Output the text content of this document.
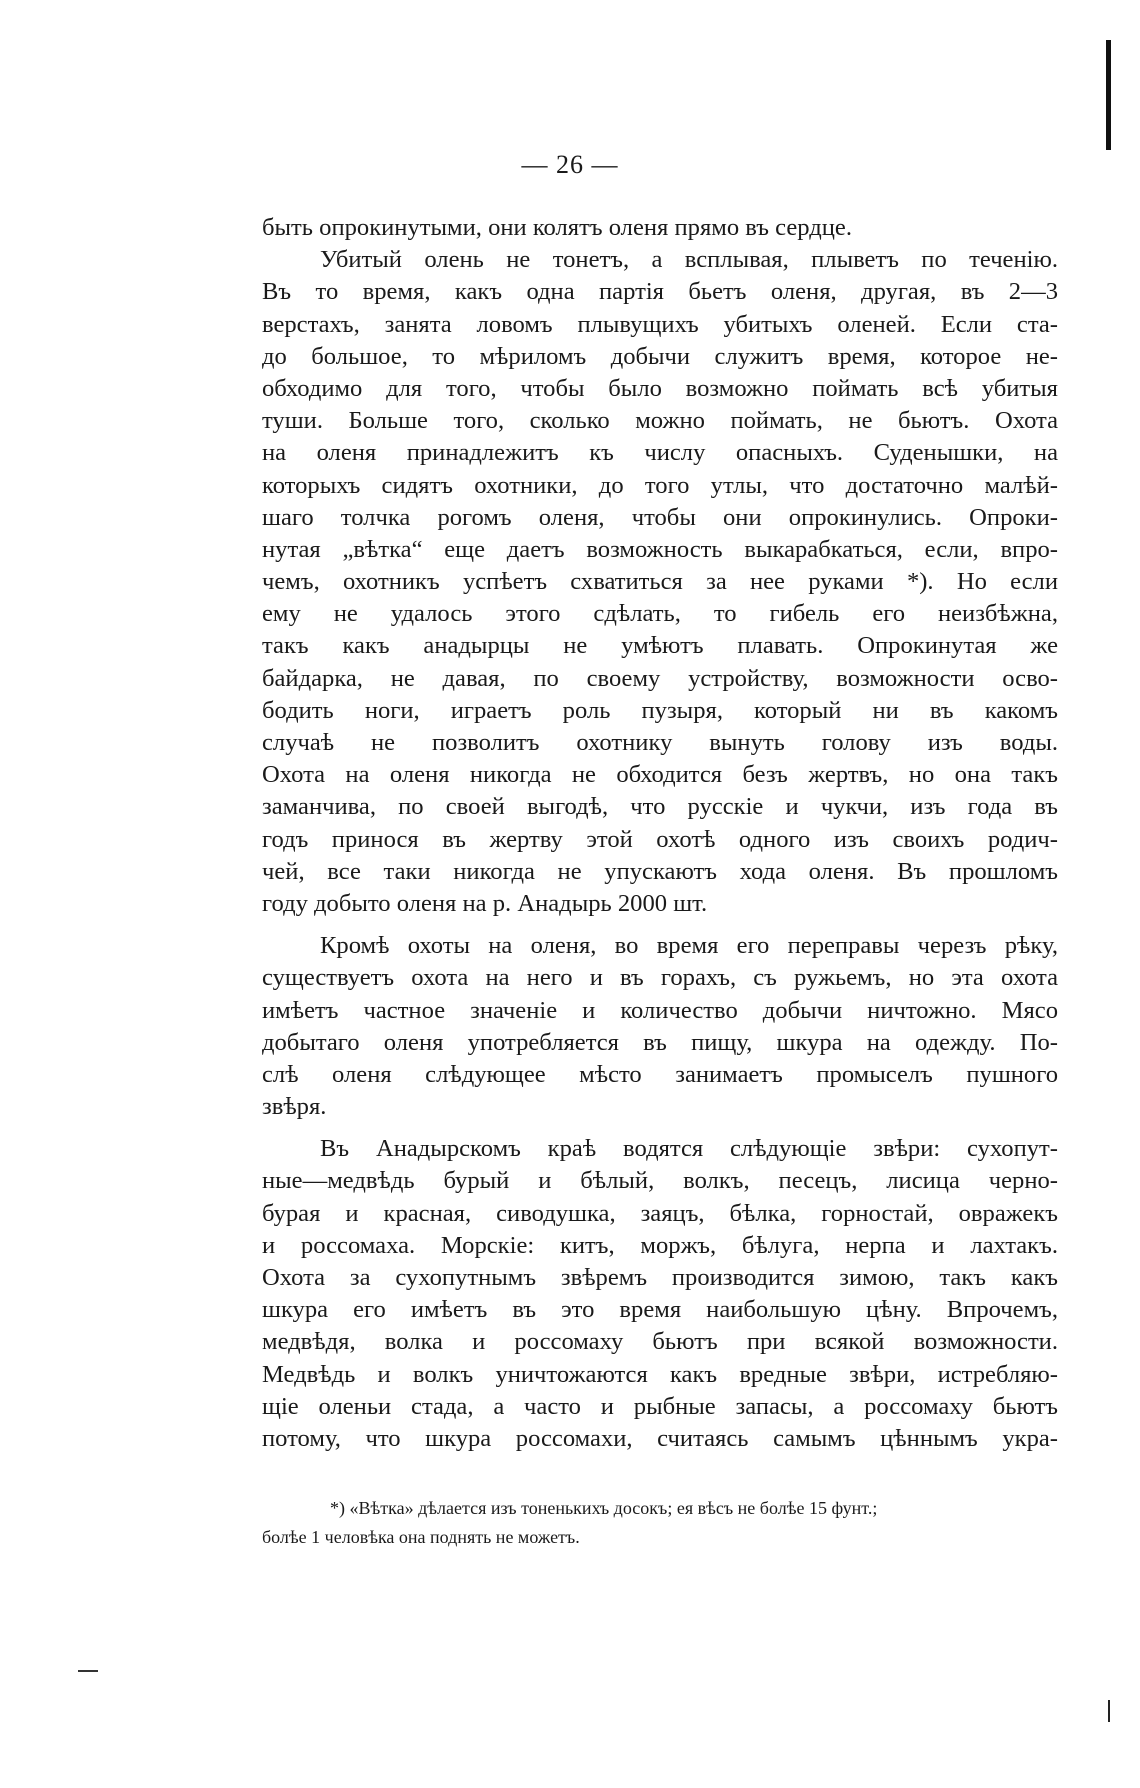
— 26 —
быть опрокинутыми, они колятъ оленя прямо въ сердце.
Убитый олень не тонетъ, а всплывая, плыветъ по теченію.
Въ то время, какъ одна партія бьетъ оленя, другая, въ 2—3
верстахъ, занята ловомъ плывущихъ убитыхъ оленей. Если ста-
до большое, то мѣриломъ добычи служитъ время, которое не-
обходимо для того, чтобы было возможно поймать всѣ убитыя
туши. Больше того, сколько можно поймать, не бьютъ. Охота
на оленя принадлежитъ къ числу опасныхъ. Суденышки, на
которыхъ сидятъ охотники, до того утлы, что достаточно малѣй-
шаго толчка рогомъ оленя, чтобы они опрокинулись. Опроки-
нутая „вѣтка“ еще даетъ возможность выкарабкаться, если, впро-
чемъ, охотникъ успѣетъ схватиться за нее руками *). Но если
ему не удалось этого сдѣлать, то гибель его неизбѣжна,
такъ какъ анадырцы не умѣютъ плавать. Опрокинутая же
байдарка, не давая, по своему устройству, возможности осво-
бодить ноги, играетъ роль пузыря, который ни въ какомъ
случаѣ не позволитъ охотнику вынуть голову изъ воды.
Охота на оленя никогда не обходится безъ жертвъ, но она такъ
заманчива, по своей выгодѣ, что русскіе и чукчи, изъ года въ
годъ принося въ жертву этой охотѣ одного изъ своихъ родич-
чей, все таки никогда не упускаютъ хода оленя. Въ прошломъ
году добыто оленя на р. Анадырь 2000 шт.
Кромѣ охоты на оленя, во время его переправы черезъ рѣку,
существуетъ охота на него и въ горахъ, съ ружьемъ, но эта охота
имѣетъ частное значеніе и количество добычи ничтожно. Мясо
добытаго оленя употребляется въ пищу, шкура на одежду. По-
слѣ оленя слѣдующее мѣсто занимаетъ промыселъ пушного
звѣря.
Въ Анадырскомъ краѣ водятся слѣдующіе звѣри: сухопут-
ные—медвѣдь бурый и бѣлый, волкъ, песецъ, лисица черно-
бурая и красная, сиводушка, заяцъ, бѣлка, горностай, овражекъ
и россомаха. Морскіе: китъ, моржъ, бѣлуга, нерпа и лахтакъ.
Охота за сухопутнымъ звѣремъ производится зимою, такъ какъ
шкура его имѣетъ въ это время наибольшую цѣну. Впрочемъ,
медвѣдя, волка и россомаху бьютъ при всякой возможности.
Медвѣдь и волкъ уничтожаются какъ вредные звѣри, истребляю-
щіе оленьи стада, а часто и рыбные запасы, а россомаху бьютъ
потому, что шкура россомахи, считаясь самымъ цѣннымъ укра-
*) «Вѣтка» дѣлается изъ тоненькихъ досокъ; ея вѣсъ не болѣе 15 фунт.;
болѣе 1 человѣка она поднять не можетъ.
